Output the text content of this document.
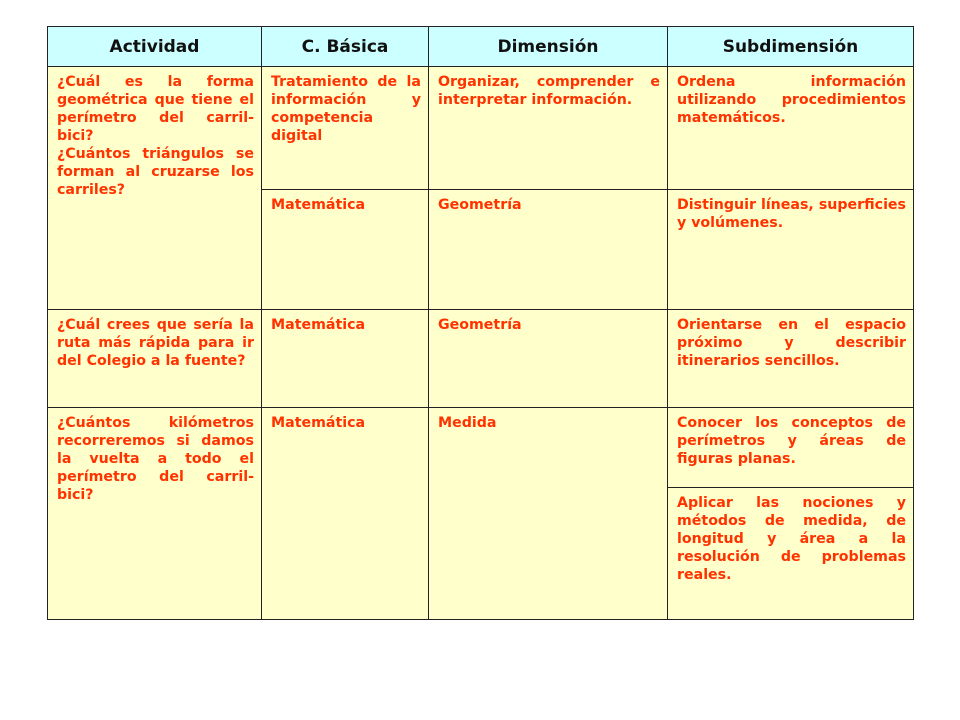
Actividad	C. Básica	Dimensión	Subdimensión

¿Cuál es la forma geométrica que tiene el perímetro del carril-bici?
¿Cuántos triángulos se forman al cruzarse los carriles?	Tratamiento de la información y competencia digital	Organizar, comprender e interpretar información.	Ordena información utilizando procedimientos matemáticos.
	Matemática	Geometría	Distinguir líneas, superficies y volúmenes.
¿Cuál crees que sería la ruta más rápida para ir del Colegio a la fuente?	Matemática	Geometría	Orientarse en el espacio próximo y describir itinerarios sencillos.
¿Cuántos kilómetros recorreremos si damos la vuelta a todo el perímetro del carril-bici?	Matemática	Medida	Conocer los conceptos de perímetros y áreas de figuras planas.
			Aplicar las nociones y métodos de medida, de longitud y área a la resolución de problemas reales.
